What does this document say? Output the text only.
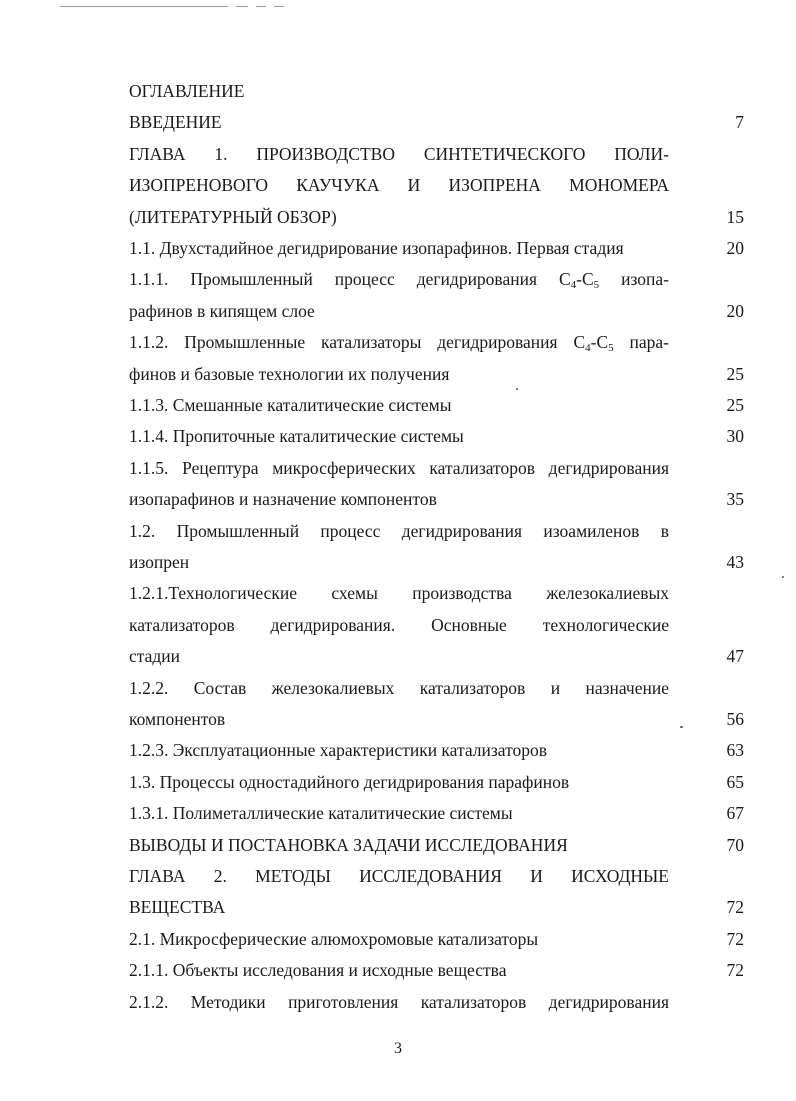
ОГЛАВЛЕНИЕ
ВВЕДЕНИЕ	7
ГЛАВА 1. ПРОИЗВОДСТВО СИНТЕТИЧЕСКОГО ПОЛИ-
ИЗОПРЕНОВОГО КАУЧУКА И ИЗОПРЕНА МОНОМЕРА
(ЛИТЕРАТУРНЫЙ ОБЗОР)	15
1.1. Двухстадийное дегидрирование изопарафинов. Первая стадия	20
1.1.1. Промышленный процесс дегидрирования $C_4-C_5$ изопа-
рафинов в кипящем слое	20
1.1.2. Промышленные катализаторы дегидрирования $C_4-C_5$ пара-
финов и базовые технологии их получения	25
1.1.3. Смешанные каталитические системы	25
1.1.4. Пропиточные каталитические системы	30
1.1.5. Рецептура микросферических катализаторов дегидрирования
изопарафинов и назначение компонентов	35
1.2. Промышленный процесс дегидрирования изоамиленов в
изопрен	43
1.2.1.Технологические схемы производства железокалиевых
катализаторов дегидрирования. Основные технологические
стадии	47
1.2.2. Состав железокалиевых катализаторов и назначение
компонентов	56
1.2.3. Эксплуатационные характеристики катализаторов	63
1.3. Процессы одностадийного дегидрирования парафинов	65
1.3.1. Полиметаллические каталитические системы	67
ВЫВОДЫ И ПОСТАНОВКА ЗАДАЧИ ИССЛЕДОВАНИЯ	70
ГЛАВА 2. МЕТОДЫ ИССЛЕДОВАНИЯ И ИСХОДНЫЕ
ВЕЩЕСТВА	72
2.1. Микросферические алюмохромовые катализаторы	72
2.1.1. Объекты исследования и исходные вещества	72
2.1.2. Методики приготовления катализаторов дегидрирования
3
